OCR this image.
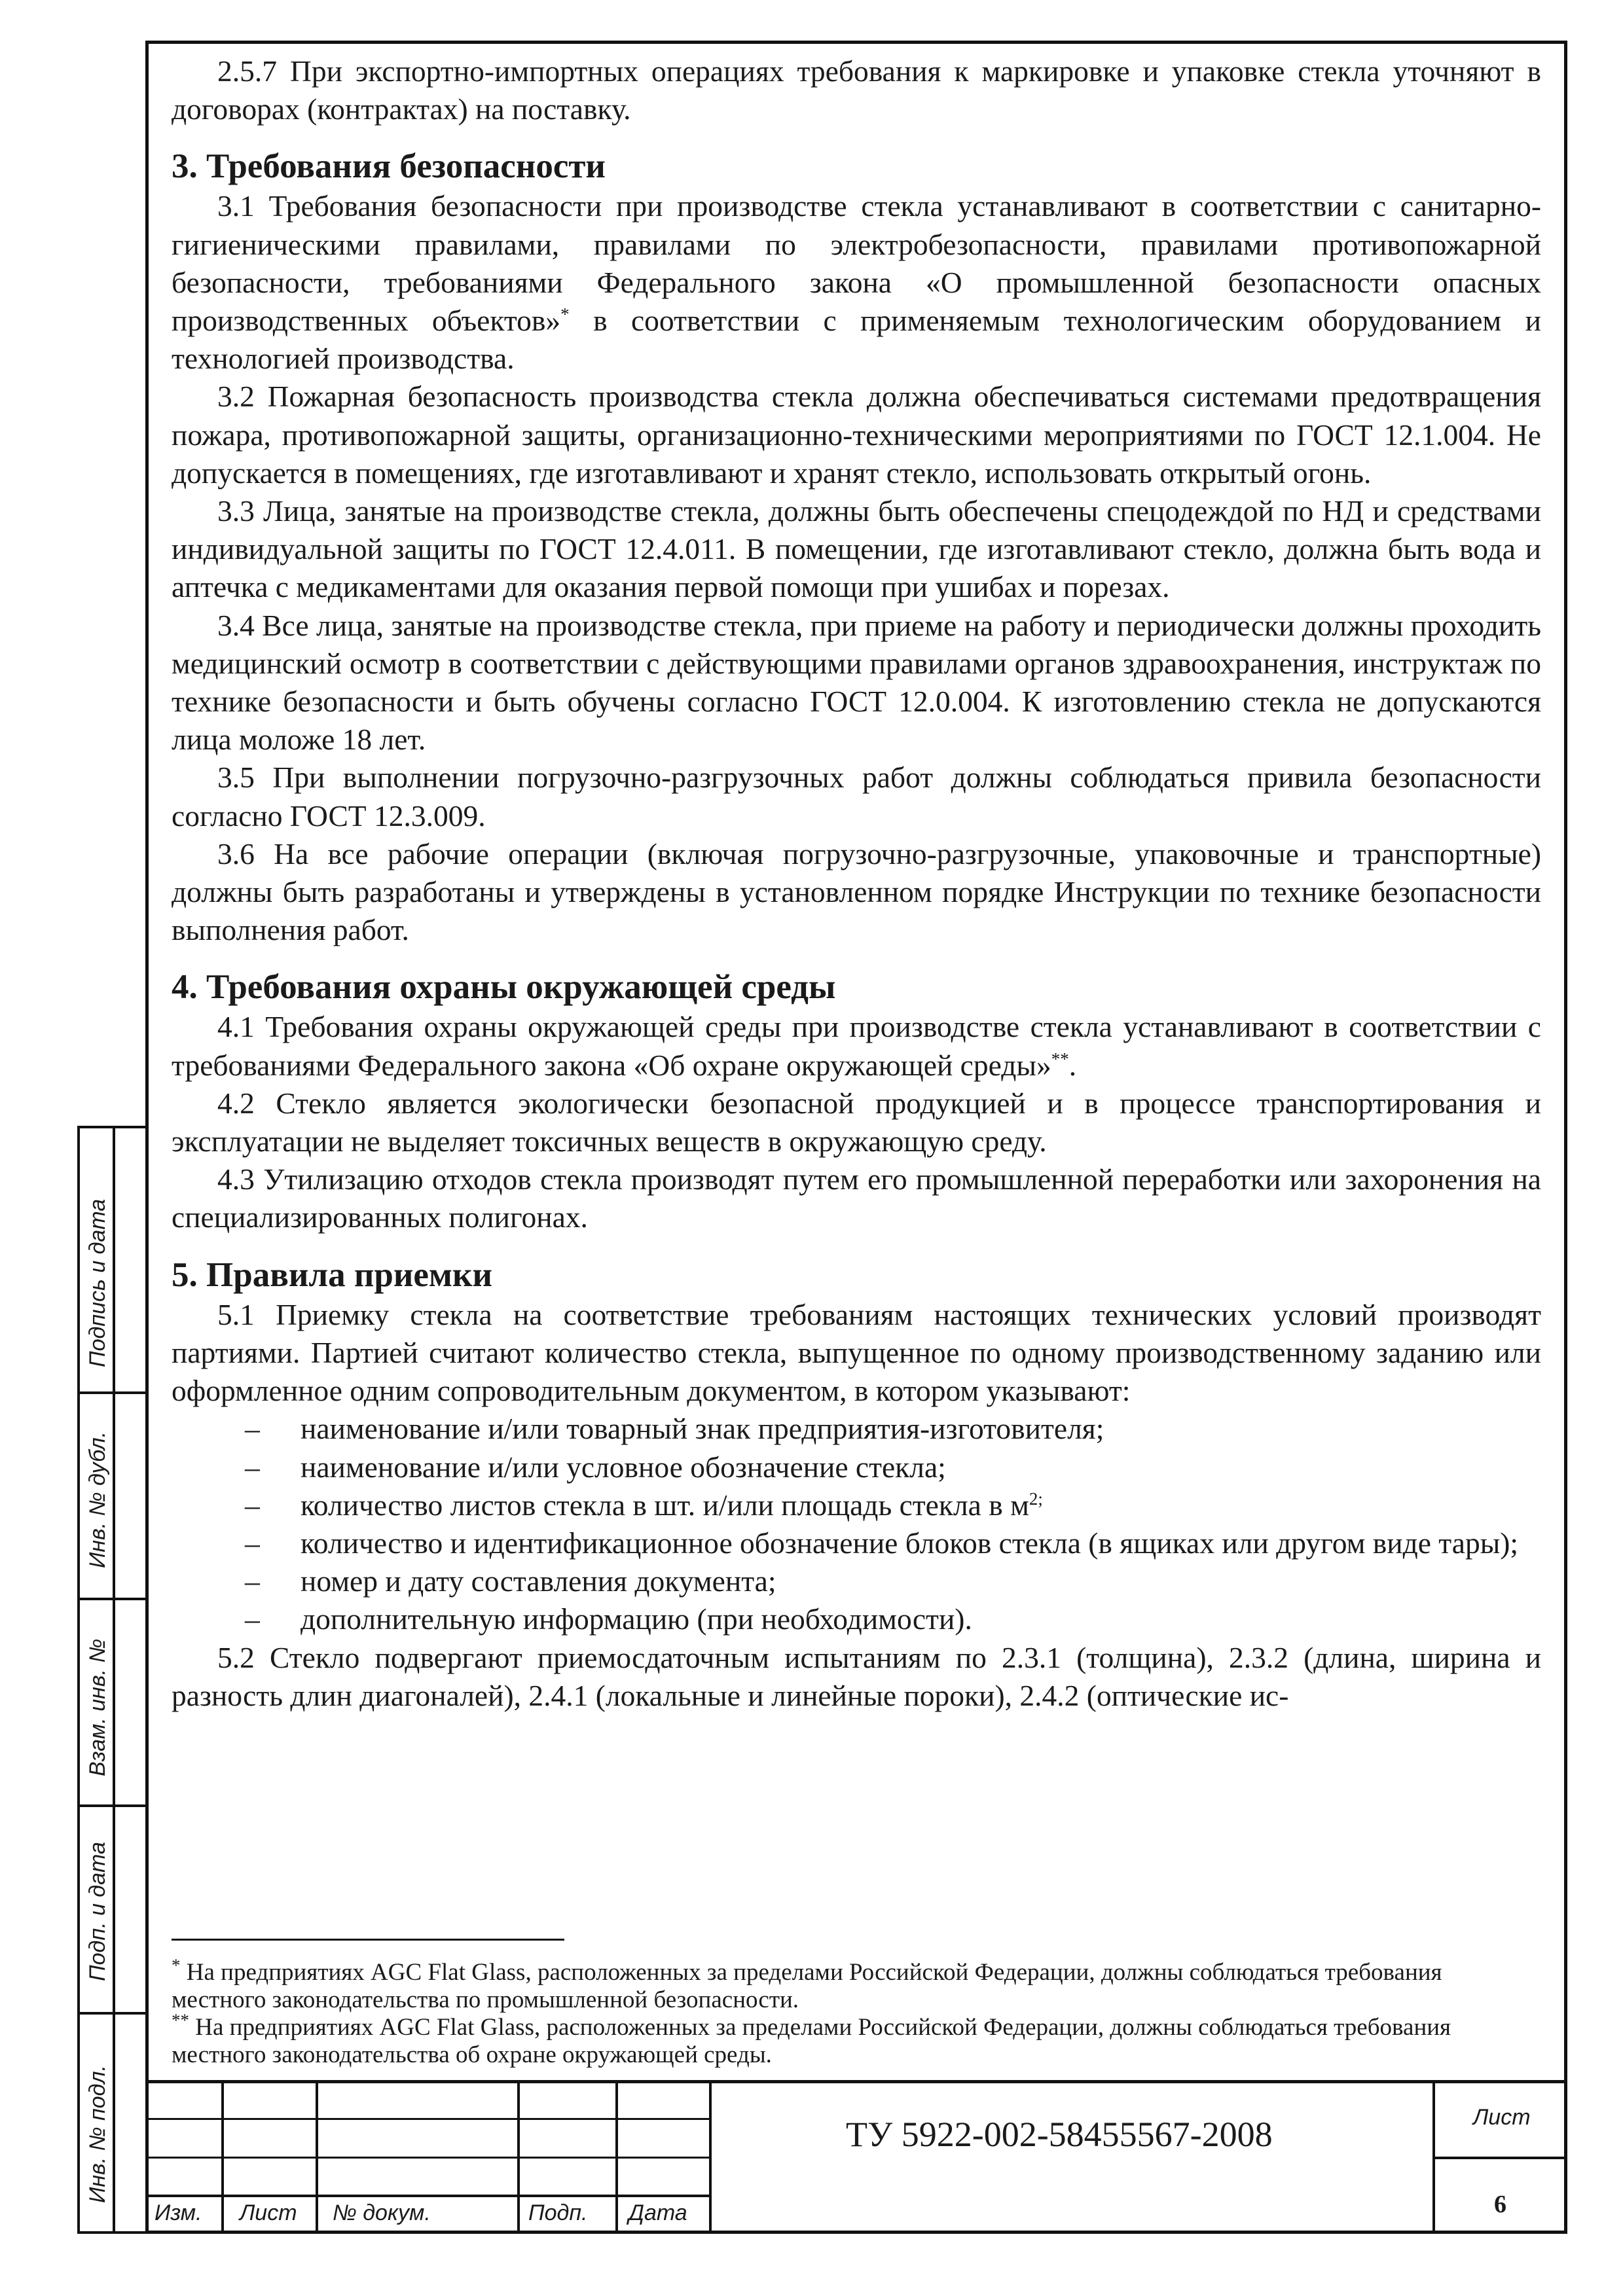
2.5.7 При экспортно-импортных операциях требования к маркировке и упаковке стекла уточняют в договорах (контрактах) на поставку.

3. Требования безопасности

3.1 Требования безопасности при производстве стекла устанавливают в соответствии с санитарно-гигиеническими правилами, правилами по электробезопасности, правилами противопожарной безопасности, требованиями Федерального закона «О промышленной безопасности опасных производственных объектов»* в соответствии с применяемым технологическим оборудованием и технологией производства.

3.2 Пожарная безопасность производства стекла должна обеспечиваться системами предотвращения пожара, противопожарной защиты, организационно-техническими мероприятиями по ГОСТ 12.1.004. Не допускается в помещениях, где изготавливают и хранят стекло, использовать открытый огонь.

3.3 Лица, занятые на производстве стекла, должны быть обеспечены спецодеждой по НД и средствами индивидуальной защиты по ГОСТ 12.4.011. В помещении, где изготавливают стекло, должна быть вода и аптечка с медикаментами для оказания первой помощи при ушибах и порезах.

3.4 Все лица, занятые на производстве стекла, при приеме на работу и периодически должны проходить медицинский осмотр в соответствии с действующими правилами органов здравоохранения, инструктаж по технике безопасности и быть обучены согласно ГОСТ 12.0.004. К изготовлению стекла не допускаются лица моложе 18 лет.

3.5 При выполнении погрузочно-разгрузочных работ должны соблюдаться привила безопасности согласно ГОСТ 12.3.009.

3.6 На все рабочие операции (включая погрузочно-разгрузочные, упаковочные и транспортные) должны быть разработаны и утверждены в установленном порядке Инструкции по технике безопасности выполнения работ.

4. Требования охраны окружающей среды

4.1 Требования охраны окружающей среды при производстве стекла устанавливают в соответствии с требованиями Федерального закона «Об охране окружающей среды»**.

4.2 Стекло является экологически безопасной продукцией и в процессе транспортирования и эксплуатации не выделяет токсичных веществ в окружающую среду.

4.3 Утилизацию отходов стекла производят путем его промышленной переработки или захоронения на специализированных полигонах.

5. Правила приемки

5.1 Приемку стекла на соответствие требованиям настоящих технических условий производят партиями. Партией считают количество стекла, выпущенное по одному производственному заданию или оформленное одним сопроводительным документом, в котором указывают:

– наименование и/или товарный знак предприятия-изготовителя;

– наименование и/или условное обозначение стекла;

– количество листов стекла в шт. и/или площадь стекла в $м^{2;}$

– количество и идентификационное обозначение блоков стекла (в ящиках или другом виде тары);

– номер и дату составления документа;

– дополнительную информацию (при необходимости).

5.2 Стекло подвергают приемосдаточным испытаниям по 2.3.1 (толщина), 2.3.2 (длина, ширина и разность длин диагоналей), 2.4.1 (локальные и линейные пороки), 2.4.2 (оптические ис-

* На предприятиях AGC Flat Glass, расположенных за пределами Российской Федерации, должны соблюдаться требования местного законодательства по промышленной безопасности.

** На предприятиях AGC Flat Glass, расположенных за пределами Российской Федерации, должны соблюдаться требования местного законодательства об охране окружающей среды.

Подпись и дата
Инв. № дубл.
Взам. инв. №
Подп. и дата
Инв. № подл.
Изм. Лист № докум.	Подп. Дата
ТУ 5922-002-58455567-2008	Лист
6
